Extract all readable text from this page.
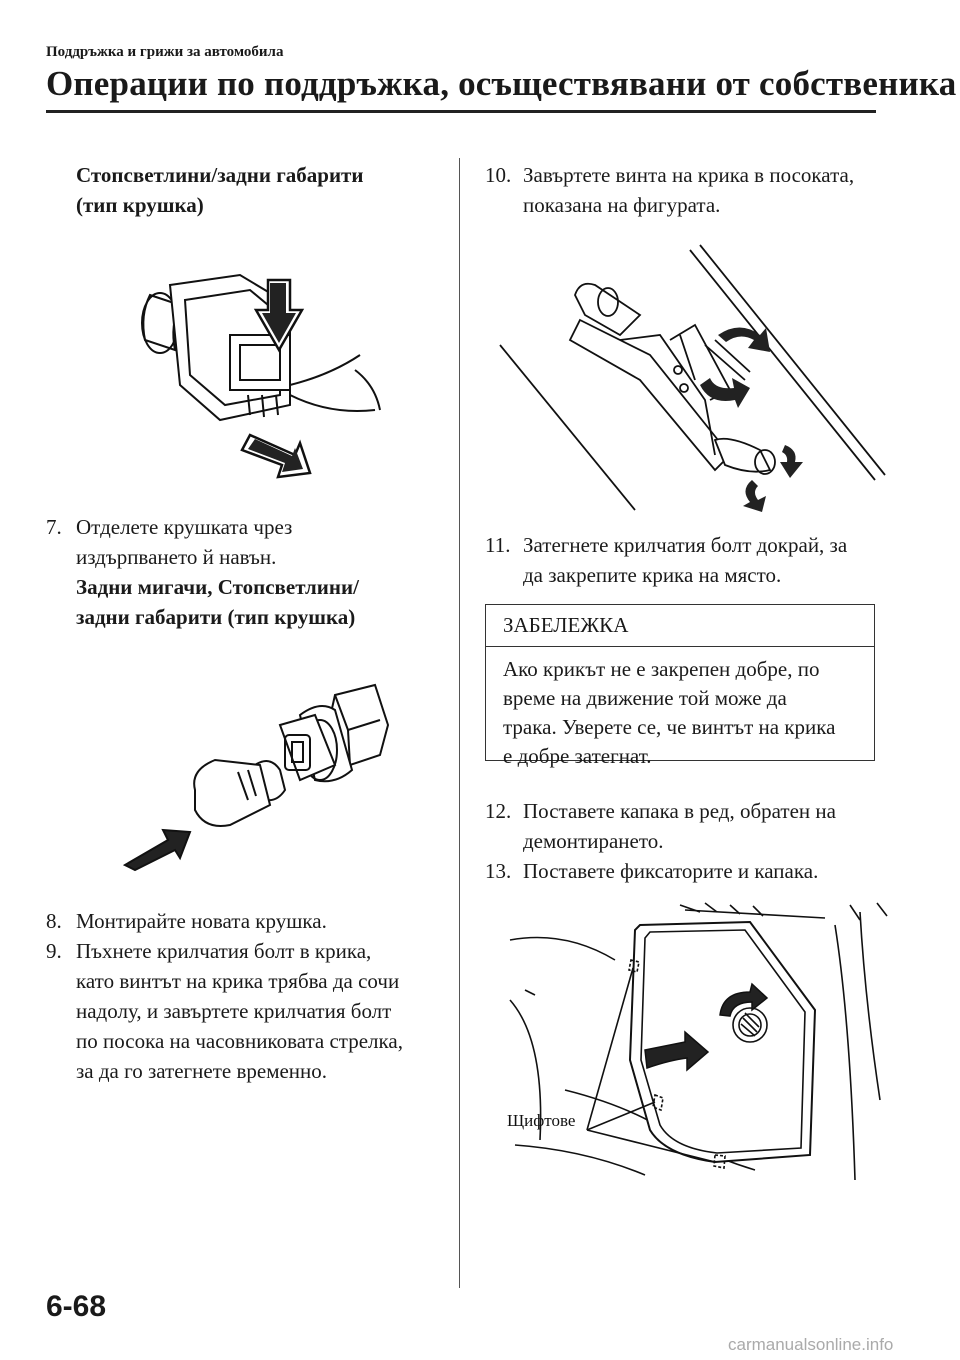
Поддръжка и грижи за автомобила
Операции по поддръжка, осъществявани от собственика
Стопсветлини/задни габарити
(тип крушка)
7. Отделете крушката чрез
издърпването й навън.
Задни мигачи, Стопсветлини/
задни габарити (тип крушка)
8. Монтирайте новата крушка.
9. Пъхнете крилчатия болт в крика,
като винтът на крика трябва да сочи
надолу, и завъртете крилчатия болт
по посока на часовниковата стрелка,
за да го затегнете временно.
10. Завъртете винта на крика в посоката,
показана на фигурата.
11. Затегнете крилчатия болт докрай, за
да закрепите крика на място.
ЗАБЕЛЕЖКА
Ако крикът не е закрепен добре, по
време на движение той може да
трака. Уверете се, че винтът на крика
е добре затегнат.
12. Поставете капака в ред, обратен на
демонтирането.
13. Поставете фиксаторите и капака.
Щифтове
6-68
carmanualsonline.info
